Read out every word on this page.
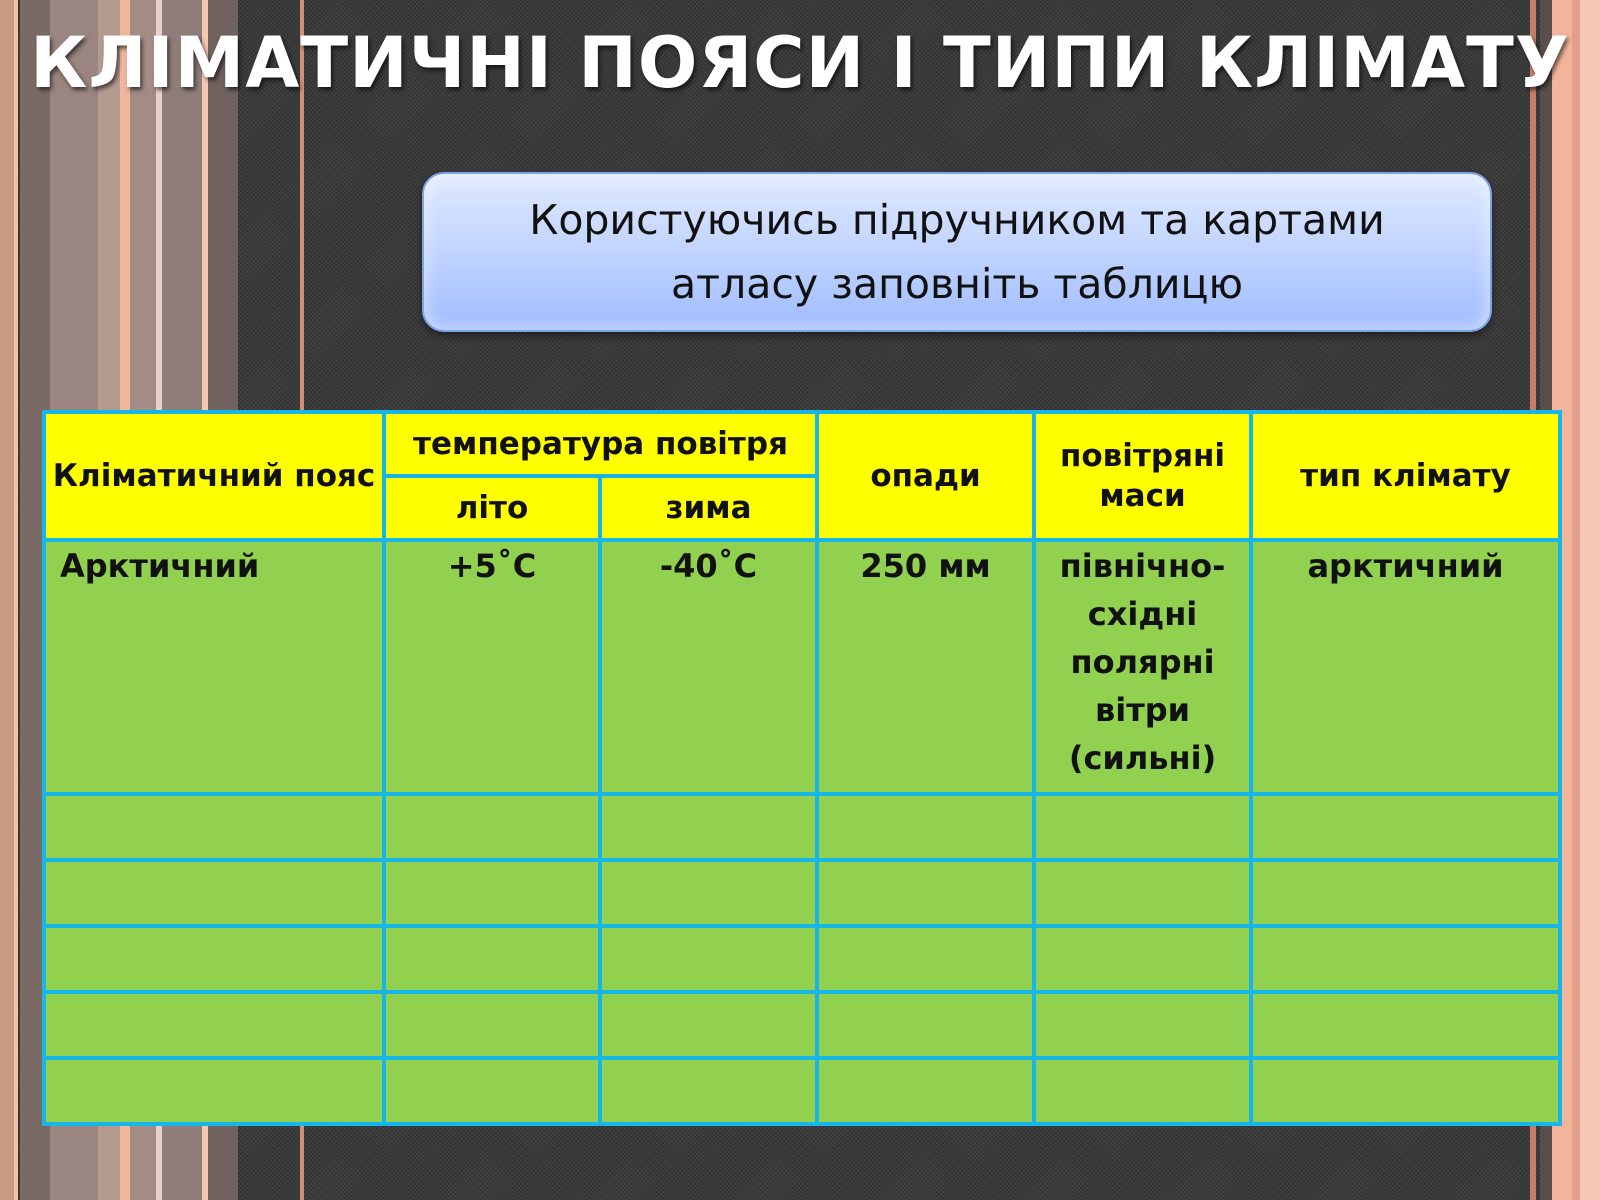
КЛІМАТИЧНІ ПОЯСИ І ТИПИ КЛІМАТУ

Користуючись підручником та картами
атласу заповніть таблицю

Кліматичний пояс	температура повітря		опади	повітряні маси	тип клімату
	літо	зима			
Арктичний	+5˚С	-40˚С	250 мм	північно-східні полярні вітри (сильні)	арктичний
